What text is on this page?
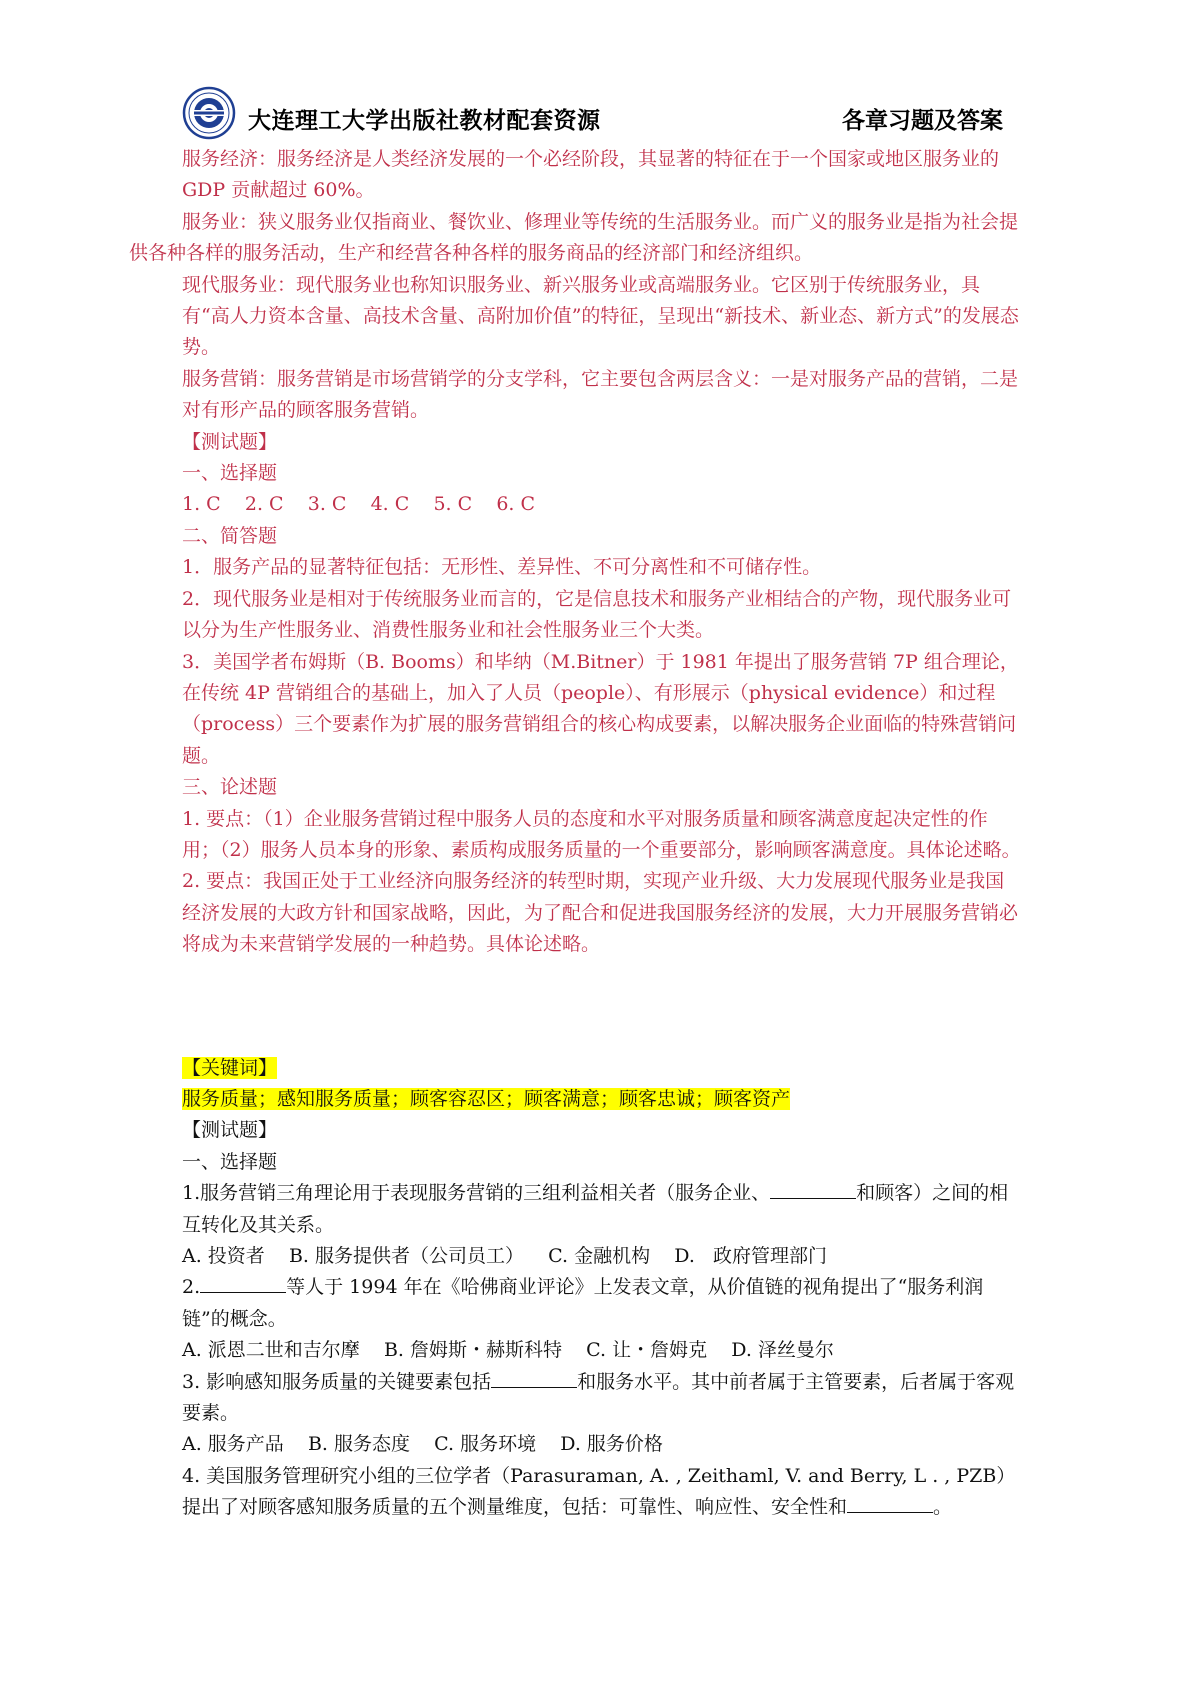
大连理工大学出版社教材配套资源	各章习题及答案

服务经济：服务经济是人类经济发展的一个必经阶段，其显著的特征在于一个国家或地区服务业的 GDP 贡献超过 60%。

服务业：狭义服务业仅指商业、餐饮业、修理业等传统的生活服务业。而广义的服务业是指为社会提供各种各样的服务活动，生产和经营各种各样的服务商品的经济部门和经济组织。

现代服务业：现代服务业也称知识服务业、新兴服务业或高端服务业。它区别于传统服务业，具有“高人力资本含量、高技术含量、高附加价值”的特征，呈现出“新技术、新业态、新方式”的发展态势。

服务营销：服务营销是市场营销学的分支学科，它主要包含两层含义：一是对服务产品的营销，二是对有形产品的顾客服务营销。

【测试题】

一、选择题

1. C    2. C    3. C    4. C    5. C    6. C

二、简答题

1．服务产品的显著特征包括：无形性、差异性、不可分离性和不可储存性。

2．现代服务业是相对于传统服务业而言的，它是信息技术和服务产业相结合的产物，现代服务业可以分为生产性服务业、消费性服务业和社会性服务业三个大类。

3．美国学者布姆斯（B. Booms）和毕纳（M.Bitner）于 1981 年提出了服务营销 7P 组合理论，在传统 4P 营销组合的基础上，加入了人员（people）、有形展示（physical evidence）和过程（process）三个要素作为扩展的服务营销组合的核心构成要素，以解决服务企业面临的特殊营销问题。

三、论述题

1. 要点：（1）企业服务营销过程中服务人员的态度和水平对服务质量和顾客满意度起决定性的作用；（2）服务人员本身的形象、素质构成服务质量的一个重要部分，影响顾客满意度。具体论述略。

2. 要点：我国正处于工业经济向服务经济的转型时期，实现产业升级、大力发展现代服务业是我国经济发展的大政方针和国家战略，因此，为了配合和促进我国服务经济的发展，大力开展服务营销必将成为未来营销学发展的一种趋势。具体论述略。

【关键词】

服务质量；感知服务质量；顾客容忍区；顾客满意；顾客忠诚；顾客资产

【测试题】

一、选择题

1.服务营销三角理论用于表现服务营销的三组利益相关者（服务企业、	和顾客）之间的相互转化及其关系。

A. 投资者    B. 服务提供者（公司员工）    C. 金融机构    D.   政府管理部门

2.	等人于 1994 年在《哈佛商业评论》上发表文章，从价值链的视角提出了“服务利润链”的概念。

A. 派恩二世和吉尔摩    B. 詹姆斯・赫斯科特    C. 让・詹姆克    D. 泽丝曼尔

3. 影响感知服务质量的关键要素包括	和服务水平。其中前者属于主管要素，后者属于客观要素。

A. 服务产品    B. 服务态度    C. 服务环境    D. 服务价格

4. 美国服务管理研究小组的三位学者（Parasuraman, A. , Zeithaml, V. and Berry, L . , PZB）提出了对顾客感知服务质量的五个测量维度，包括：可靠性、响应性、安全性和	。
